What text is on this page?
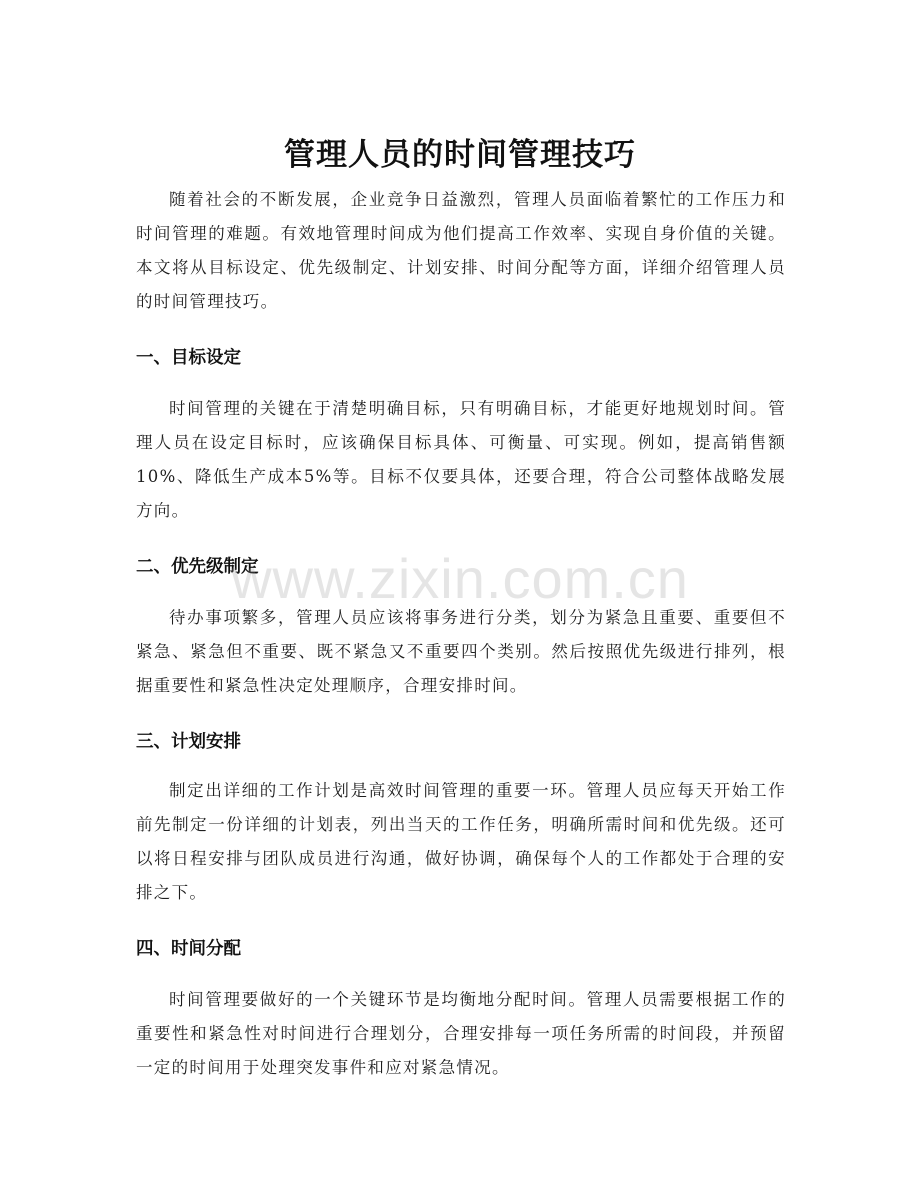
管理人员的时间管理技巧

随着社会的不断发展，企业竞争日益激烈，管理人员面临着繁忙的工作压力和时间管理的难题。有效地管理时间成为他们提高工作效率、实现自身价值的关键。本文将从目标设定、优先级制定、计划安排、时间分配等方面，详细介绍管理人员的时间管理技巧。

一、目标设定

时间管理的关键在于清楚明确目标，只有明确目标，才能更好地规划时间。管理人员在设定目标时，应该确保目标具体、可衡量、可实现。例如，提高销售额10%、降低生产成本5%等。目标不仅要具体，还要合理，符合公司整体战略发展方向。

二、优先级制定

待办事项繁多，管理人员应该将事务进行分类，划分为紧急且重要、重要但不紧急、紧急但不重要、既不紧急又不重要四个类别。然后按照优先级进行排列，根据重要性和紧急性决定处理顺序，合理安排时间。

三、计划安排

制定出详细的工作计划是高效时间管理的重要一环。管理人员应每天开始工作前先制定一份详细的计划表，列出当天的工作任务，明确所需时间和优先级。还可以将日程安排与团队成员进行沟通，做好协调，确保每个人的工作都处于合理的安排之下。

四、时间分配

时间管理要做好的一个关键环节是均衡地分配时间。管理人员需要根据工作的重要性和紧急性对时间进行合理划分，合理安排每一项任务所需的时间段，并预留一定的时间用于处理突发事件和应对紧急情况。

www.zixin.com.cn
